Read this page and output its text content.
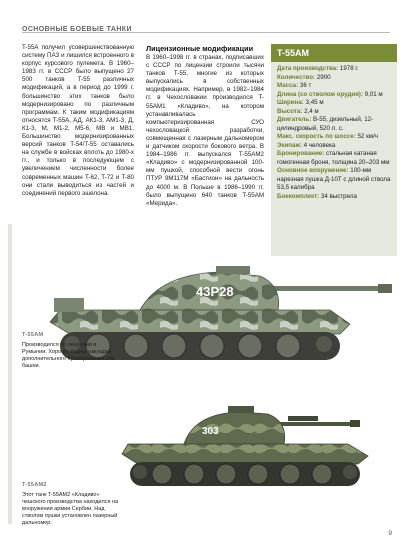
ОСНОВНЫЕ БОЕВЫЕ ТАНКИ
T-55A получил усовершенствованную систему ПАЗ и лишился встроенного в корпус курсового пулемета. В 1960–1983 гг. в СССР было выпущено 27 500 танков T-55 различных модификаций, а в период до 1999 г. большинство этих танков было модернизировано по различным программам. К таким модификациям относятся T-55A, АД, АК1-3, АМ1-3, Д, К1-3, М, М1-2, М5-6, МВ и МВ1. Большинство модернизированных версий танков T-54/T-55 оставались на службе в войсках вплоть до 1980-х гг., и только в последующем с увеличением численности более современных машин T-62, T-72 и T-80 они стали выводиться из частей и соединений первого эшелона.
Лицензионные модификации
В 1960–1998 гг. в странах, подписавших с СССР по лицензии строили тысячи танков T-55, многие из которых выпускались в собственных модификациях. Например, в 1982–1984 гг. в Чехословакии производился T-55AM1 «Кладиво», на котором устанавливалась компьютеризированная СУО чехословацкой разработки, совмещенная с лазерным дальномером и датчиком скорости бокового ветра. В 1984–1986 гг. выпускался T-55AM2 «Кладиво» с модернизированной 100-мм пушкой, способной вести огонь ПТУР 9М117М «Бастион» на дальность до 4000 м. В Польше в 1986–1990 гг. было выпущено 640 танков T-55AM «Мерида».
T-55AM

Дата производства: 1978 г.

Количество: 2900

Масса: 36 т

Длина (со стволом орудия): 9,01 м

Ширина: 3,45 м

Высота: 2,4 м

Двигатель: В-55, дизельный, 12-цилиндровый, 520 л. с.

Макс. скорость по шоссе: 52 км/ч

Экипаж: 4 человека

Бронирование: стальная катаная гомогенная броня, толщина 20–203 мм

Основное вооружение: 100-мм нарезная пушка Д-10Т с длиной ствола 53,5 калибра

Боекомплект: 34 выстрела

43P28
T-55AM
Производился по лицензии в Румынии. Хорошо видны накладки дополнительного бронирования лба башни.
303
T-55AM2
Этот танк T-55AM2 «Кладиво» чешского производства находился на вооружении армии Сербии. Над стволом пушки установлен лазерный дальномер.
9
